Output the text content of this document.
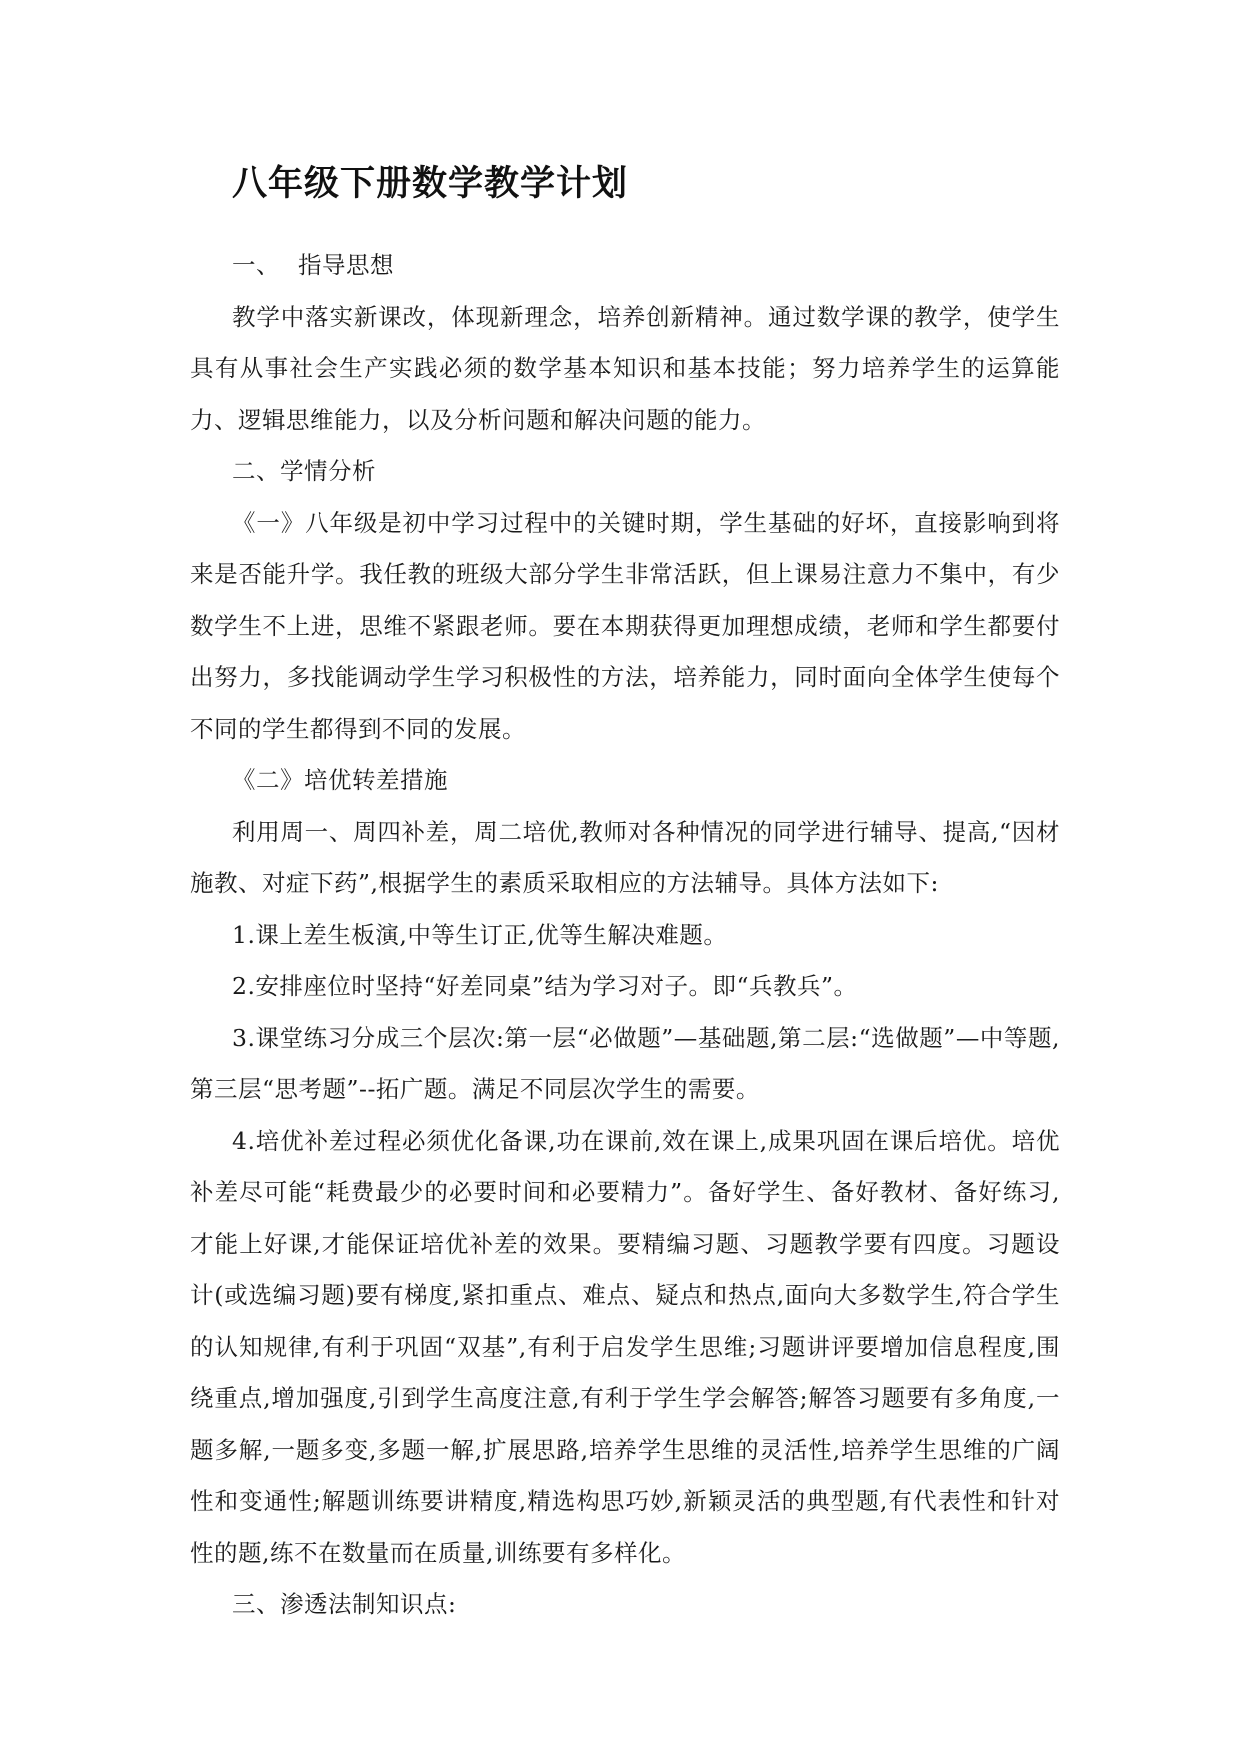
八年级下册数学教学计划

一、 指导思想

教学中落实新课改，体现新理念，培养创新精神。通过数学课的教学，使学生具有从事社会生产实践必须的数学基本知识和基本技能；努力培养学生的运算能力、逻辑思维能力，以及分析问题和解决问题的能力。

二、学情分析

《一》八年级是初中学习过程中的关键时期，学生基础的好坏，直接影响到将来是否能升学。我任教的班级大部分学生非常活跃，但上课易注意力不集中，有少数学生不上进，思维不紧跟老师。要在本期获得更加理想成绩，老师和学生都要付出努力，多找能调动学生学习积极性的方法，培养能力，同时面向全体学生使每个不同的学生都得到不同的发展。

《二》培优转差措施

利用周一、周四补差，周二培优,教师对各种情况的同学进行辅导、提高,“因材施教、对症下药”,根据学生的素质采取相应的方法辅导。具体方法如下:

1.课上差生板演,中等生订正,优等生解决难题。

2.安排座位时坚持“好差同桌”结为学习对子。即“兵教兵”。

3.课堂练习分成三个层次:第一层“必做题”—基础题,第二层:“选做题”—中等题,第三层“思考题”--拓广题。满足不同层次学生的需要。

4.培优补差过程必须优化备课,功在课前,效在课上,成果巩固在课后培优。培优补差尽可能“耗费最少的必要时间和必要精力”。备好学生、备好教材、备好练习,才能上好课,才能保证培优补差的效果。要精编习题、习题教学要有四度。习题设计(或选编习题)要有梯度,紧扣重点、难点、疑点和热点,面向大多数学生,符合学生的认知规律,有利于巩固“双基”,有利于启发学生思维;习题讲评要增加信息程度,围绕重点,增加强度,引到学生高度注意,有利于学生学会解答;解答习题要有多角度,一题多解,一题多变,多题一解,扩展思路,培养学生思维的灵活性,培养学生思维的广阔性和变通性;解题训练要讲精度,精选构思巧妙,新颖灵活的典型题,有代表性和针对性的题,练不在数量而在质量,训练要有多样化。

三、渗透法制知识点:
